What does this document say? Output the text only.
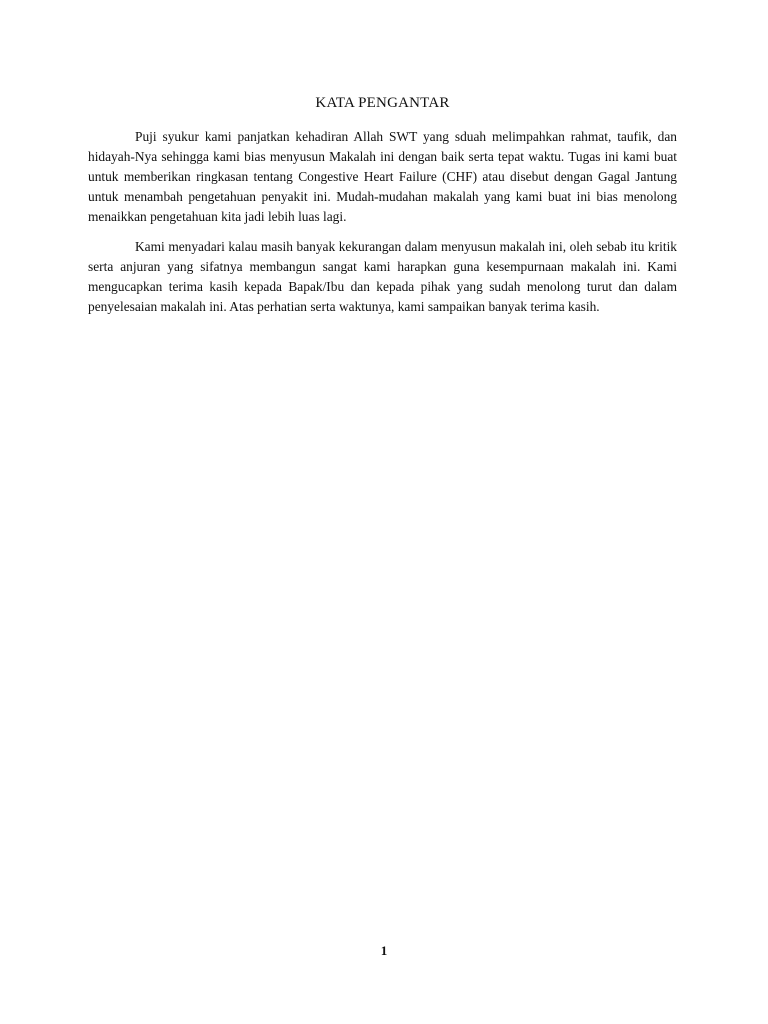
KATA PENGANTAR

Puji syukur kami panjatkan kehadiran Allah SWT yang sduah melimpahkan rahmat, taufik, dan hidayah-Nya sehingga kami bias menyusun Makalah ini dengan baik serta tepat waktu. Tugas ini kami buat untuk memberikan ringkasan tentang Congestive Heart Failure (CHF) atau disebut dengan Gagal Jantung untuk menambah pengetahuan penyakit ini. Mudah-mudahan makalah yang kami buat ini bias menolong menaikkan pengetahuan kita jadi lebih luas lagi.

Kami menyadari kalau masih banyak kekurangan dalam menyusun makalah ini, oleh sebab itu kritik serta anjuran yang sifatnya membangun sangat kami harapkan guna kesempurnaan makalah ini. Kami mengucapkan terima kasih kepada Bapak/Ibu dan kepada pihak yang sudah menolong turut dan dalam penyelesaian makalah ini. Atas perhatian serta waktunya, kami sampaikan banyak terima kasih.

1
